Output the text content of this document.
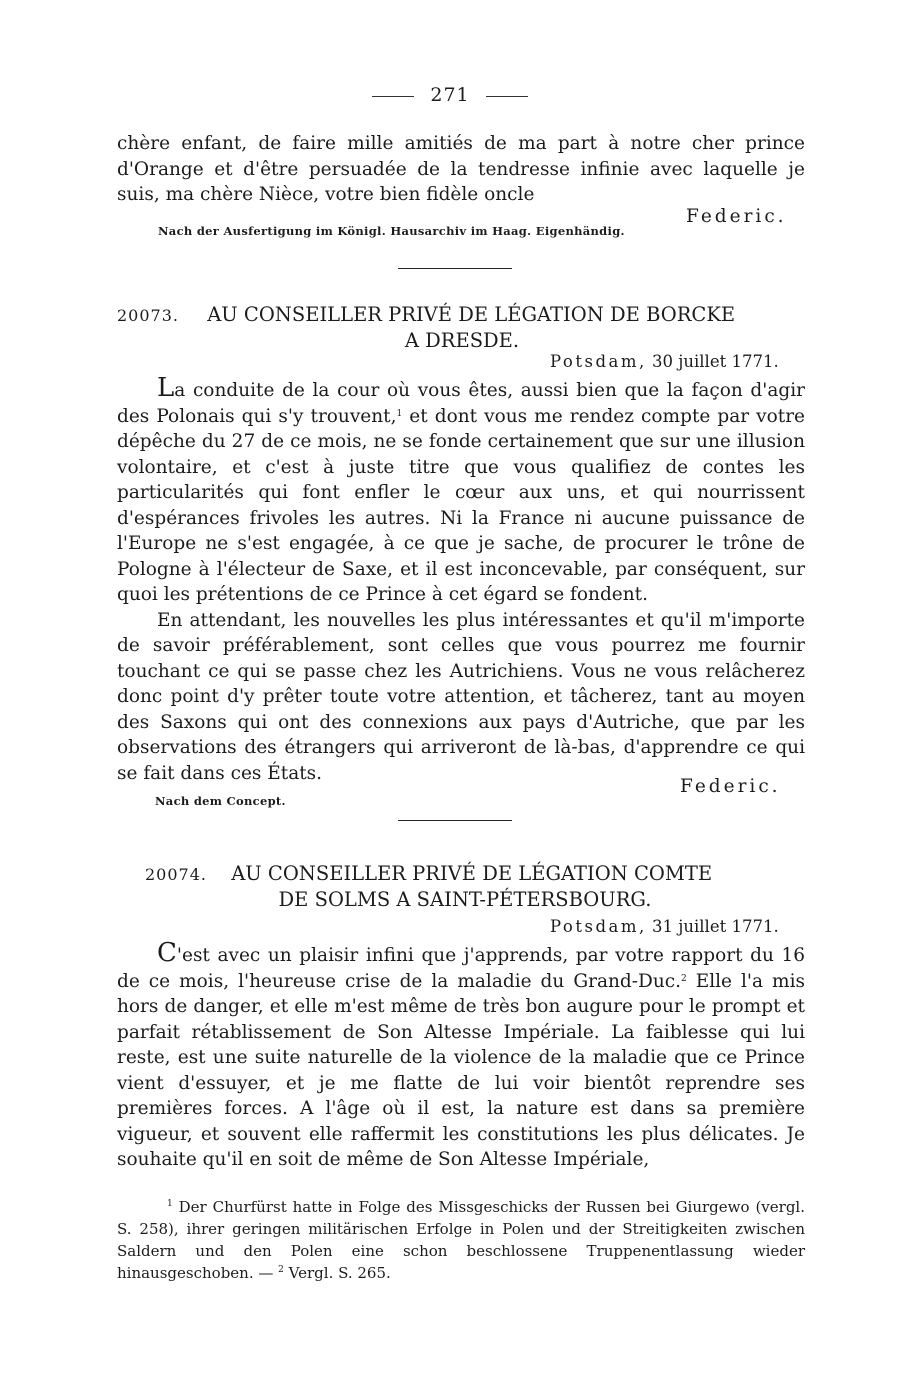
271

chère enfant, de faire mille amitiés de ma part à notre cher prince d'Orange et d'être persuadée de la tendresse infinie avec laquelle je suis, ma chère Nièce, votre bien fidèle oncle

Federic.
Nach der Ausfertigung im Königl. Hausarchiv im Haag. Eigenhändig.
20073. AU CONSEILLER PRIVÉ DE LÉGATION DE BORCKE
A DRESDE.
Potsdam, 30 juillet 1771.

La conduite de la cour où vous êtes, aussi bien que la façon d'agir des Polonais qui s'y trouvent,$^1$ et dont vous me rendez compte par votre dépêche du 27 de ce mois, ne se fonde certainement que sur une illusion volontaire, et c'est à juste titre que vous qualifiez de contes les particularités qui font enfler le cœur aux uns, et qui nourrissent d'espérances frivoles les autres. Ni la France ni aucune puissance de l'Europe ne s'est engagée, à ce que je sache, de procurer le trône de Pologne à l'électeur de Saxe, et il est inconcevable, par conséquent, sur quoi les prétentions de ce Prince à cet égard se fondent.

En attendant, les nouvelles les plus intéressantes et qu'il m'importe de savoir préférablement, sont celles que vous pourrez me fournir touchant ce qui se passe chez les Autrichiens. Vous ne vous relâcherez donc point d'y prêter toute votre attention, et tâcherez, tant au moyen des Saxons qui ont des connexions aux pays d'Autriche, que par les observations des étrangers qui arriveront de là-bas, d'apprendre ce qui se fait dans ces États.

Federic.
Nach dem Concept.
20074. AU CONSEILLER PRIVÉ DE LÉGATION COMTE
DE SOLMS A SAINT-PÉTERSBOURG.
Potsdam, 31 juillet 1771.

C'est avec un plaisir infini que j'apprends, par votre rapport du 16 de ce mois, l'heureuse crise de la maladie du Grand-Duc.$^2$ Elle l'a mis hors de danger, et elle m'est même de très bon augure pour le prompt et parfait rétablissement de Son Altesse Impériale. La faiblesse qui lui reste, est une suite naturelle de la violence de la maladie que ce Prince vient d'essuyer, et je me flatte de lui voir bientôt reprendre ses premières forces. A l'âge où il est, la nature est dans sa première vigueur, et souvent elle raffermit les constitutions les plus délicates. Je souhaite qu'il en soit de même de Son Altesse Impériale,

$^1$ Der Churfürst hatte in Folge des Missgeschicks der Russen bei Giurgewo (vergl. S. 258), ihrer geringen militärischen Erfolge in Polen und der Streitigkeiten zwischen Saldern und den Polen eine schon beschlossene Truppenentlassung wieder hinausgeschoben. — $^2$ Vergl. S. 265.
